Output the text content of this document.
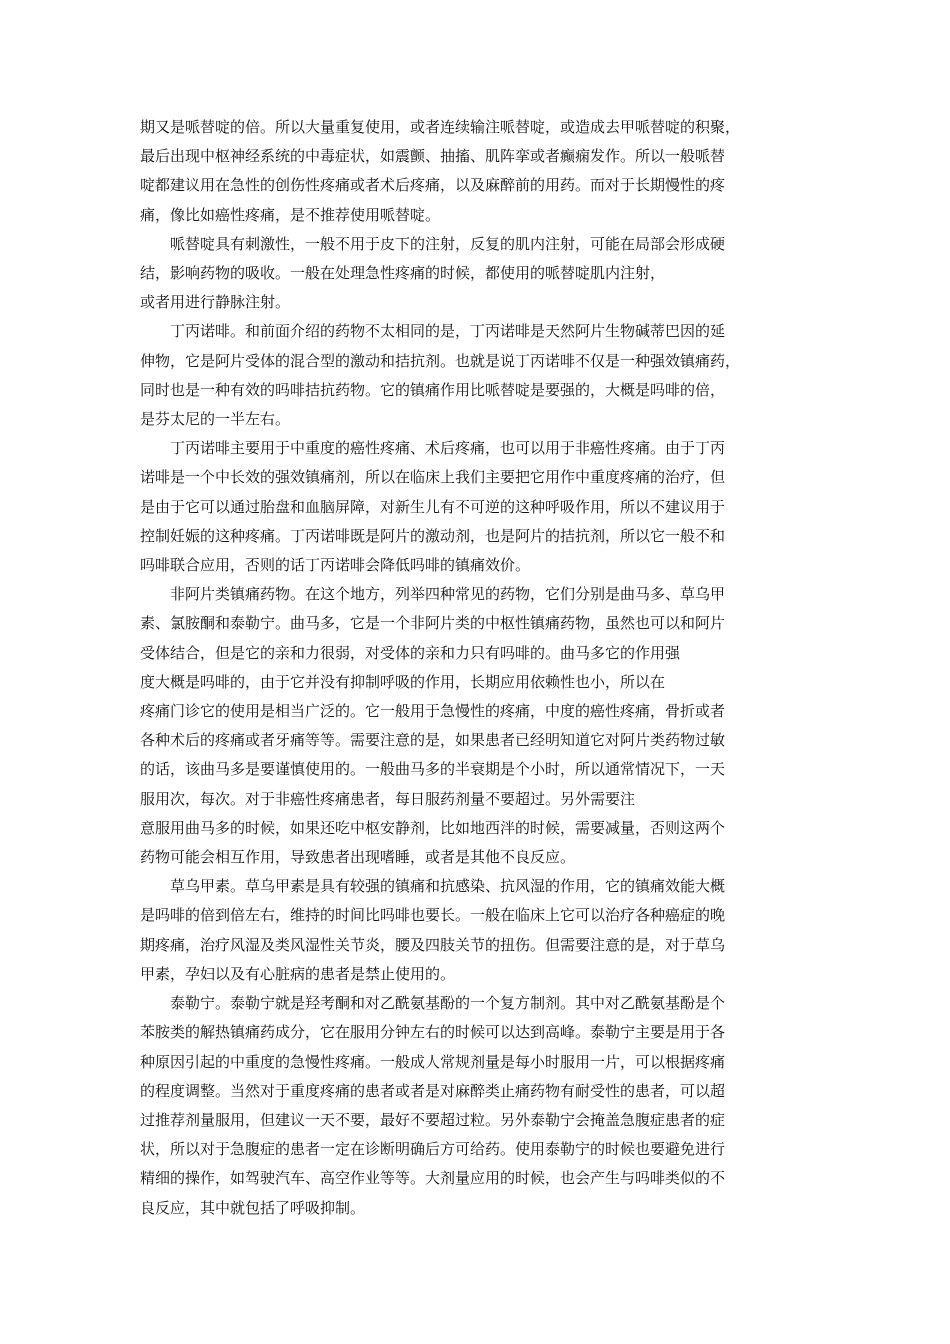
期又是哌替啶的倍。所以大量重复使用，或者连续输注哌替啶，或造成去甲哌替啶的积聚，
最后出现中枢神经系统的中毒症状，如震颤、抽搐、肌阵挛或者癫痫发作。所以一般哌替
啶都建议用在急性的创伤性疼痛或者术后疼痛，以及麻醉前的用药。而对于长期慢性的疼
痛，像比如癌性疼痛，是不推荐使用哌替啶。

哌替啶具有刺激性，一般不用于皮下的注射，反复的肌内注射，可能在局部会形成硬
结，影响药物的吸收。一般在处理急性疼痛的时候，都使用的哌替啶肌内注射，
或者用进行静脉注射。

丁丙诺啡。和前面介绍的药物不太相同的是，丁丙诺啡是天然阿片生物碱蒂巴因的延
伸物，它是阿片受体的混合型的激动和拮抗剂。也就是说丁丙诺啡不仅是一种强效镇痛药，
同时也是一种有效的吗啡拮抗药物。它的镇痛作用比哌替啶是要强的，大概是吗啡的倍，
是芬太尼的一半左右。

丁丙诺啡主要用于中重度的癌性疼痛、术后疼痛，也可以用于非癌性疼痛。由于丁丙
诺啡是一个中长效的强效镇痛剂，所以在临床上我们主要把它用作中重度疼痛的治疗，但
是由于它可以通过胎盘和血脑屏障，对新生儿有不可逆的这种呼吸作用，所以不建议用于
控制妊娠的这种疼痛。丁丙诺啡既是阿片的激动剂，也是阿片的拮抗剂，所以它一般不和
吗啡联合应用，否则的话丁丙诺啡会降低吗啡的镇痛效价。

非阿片类镇痛药物。在这个地方，列举四种常见的药物，它们分别是曲马多、草乌甲
素、氯胺酮和泰勒宁。曲马多，它是一个非阿片类的中枢性镇痛药物，虽然也可以和阿片
受体结合，但是它的亲和力很弱，对受体的亲和力只有吗啡的。曲马多它的作用强
度大概是吗啡的，由于它并没有抑制呼吸的作用，长期应用依赖性也小，所以在
疼痛门诊它的使用是相当广泛的。它一般用于急慢性的疼痛，中度的癌性疼痛，骨折或者
各种术后的疼痛或者牙痛等等。需要注意的是，如果患者已经明知道它对阿片类药物过敏
的话，该曲马多是要谨慎使用的。一般曲马多的半衰期是个小时，所以通常情况下，一天
服用次，每次。对于非癌性疼痛患者，每日服药剂量不要超过。另外需要注
意服用曲马多的时候，如果还吃中枢安静剂，比如地西泮的时候，需要减量，否则这两个
药物可能会相互作用，导致患者出现嗜睡，或者是其他不良反应。

草乌甲素。草乌甲素是具有较强的镇痛和抗感染、抗风湿的作用，它的镇痛效能大概
是吗啡的倍到倍左右，维持的时间比吗啡也要长。一般在临床上它可以治疗各种癌症的晚
期疼痛，治疗风湿及类风湿性关节炎，腰及四肢关节的扭伤。但需要注意的是，对于草乌
甲素，孕妇以及有心脏病的患者是禁止使用的。

泰勒宁。泰勒宁就是羟考酮和对乙酰氨基酚的一个复方制剂。其中对乙酰氨基酚是个
苯胺类的解热镇痛药成分，它在服用分钟左右的时候可以达到高峰。泰勒宁主要是用于各
种原因引起的中重度的急慢性疼痛。一般成人常规剂量是每小时服用一片，可以根据疼痛
的程度调整。当然对于重度疼痛的患者或者是对麻醉类止痛药物有耐受性的患者，可以超
过推荐剂量服用，但建议一天不要，最好不要超过粒。另外泰勒宁会掩盖急腹症患者的症
状，所以对于急腹症的患者一定在诊断明确后方可给药。使用泰勒宁的时候也要避免进行
精细的操作，如驾驶汽车、高空作业等等。大剂量应用的时候，也会产生与吗啡类似的不
良反应，其中就包括了呼吸抑制。
